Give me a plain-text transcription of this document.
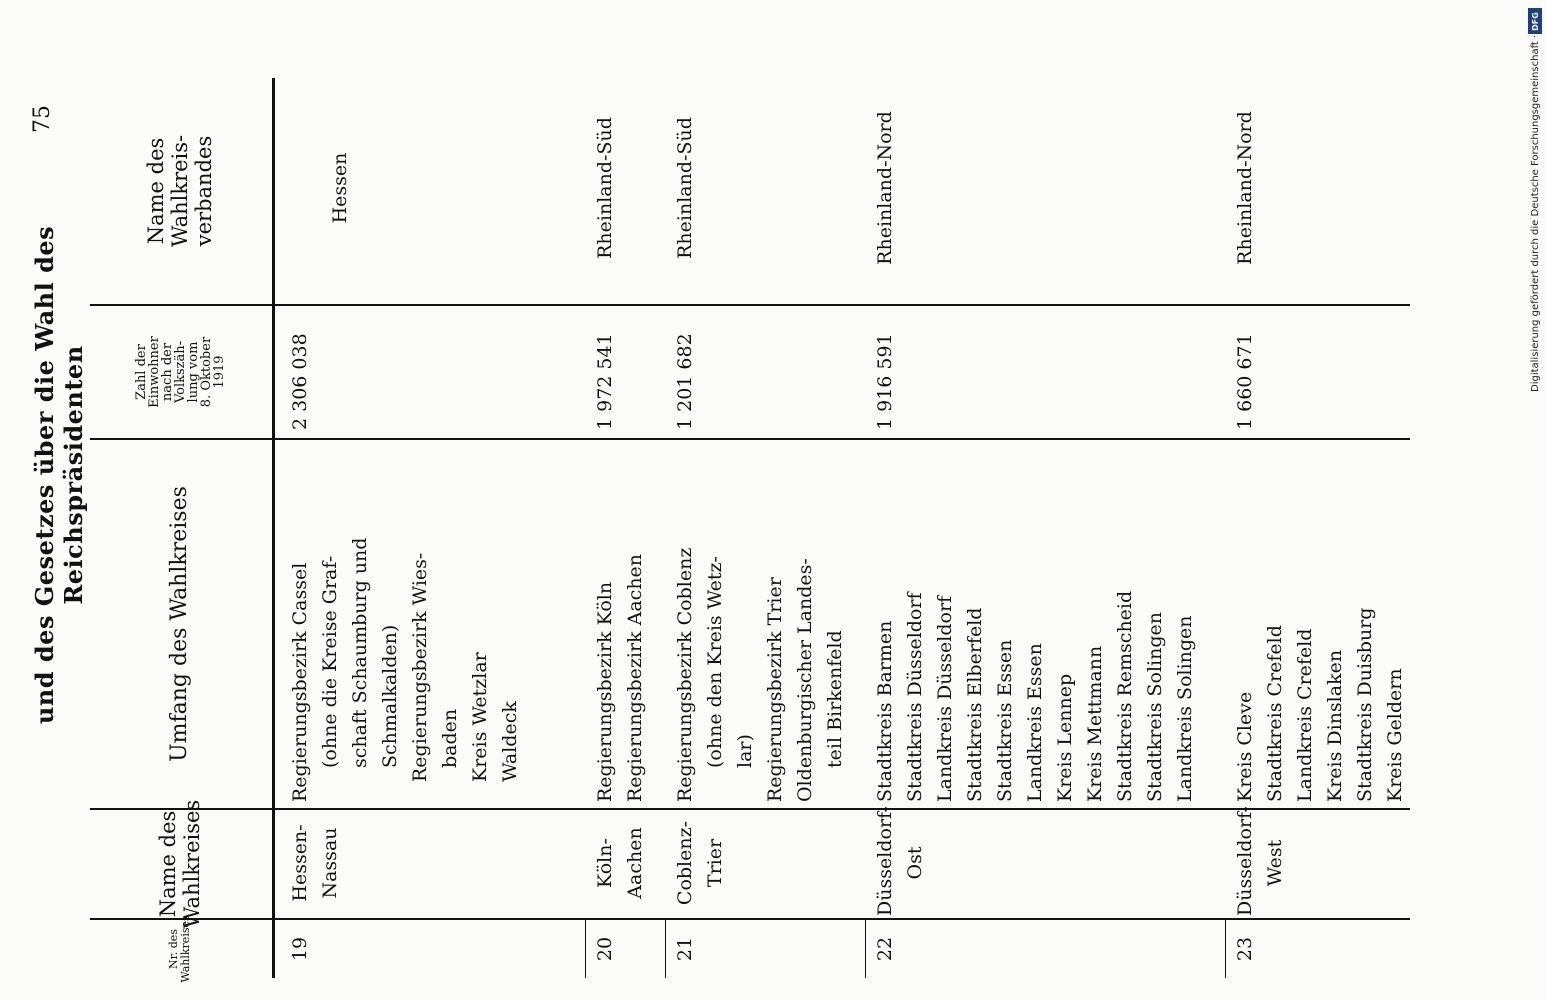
und des Gesetzes über die Wahl des Reichspräsidenten
75
Nr. des
Wahlkreises
Name des Wahlkreises
Umfang des Wahlkreises
Zahl der
Einwohner
nach der
Volkszäh-
lung vom
8. Oktober
1919
Name des Wahlkreis- verbandes
19
Hessen- Nassau
Regierungsbezirk Cassel (ohne die Kreise Graf- schaft Schaumburg und Schmalkalden) Regierungsbezirk Wies- baden Kreis Wetzlar Waldeck
2 306 038
Hessen
20
Köln-Aachen
Regierungsbezirk Köln Regierungsbezirk Aachen
1 972 541
Rheinland-Süd
21
Coblenz- Trier
Regierungsbezirk Coblenz (ohne den Kreis Wetz- lar) Regierungsbezirk Trier Oldenburgischer Landes- teil Birkenfeld
1 201 682
Rheinland-Süd
22
Düsseldorf- Ost
Stadtkreis Barmen Stadtkreis Düsseldorf Landkreis Düsseldorf Stadtkreis Elberfeld Stadtkreis Essen Landkreis Essen Kreis Lennep Kreis Mettmann Stadtkreis Remscheid Stadtkreis Solingen Landkreis Solingen
1 916 591
Rheinland-Nord
23
Düsseldorf- West
Kreis Cleve Stadtkreis Crefeld Landkreis Crefeld Kreis Dinslaken Stadtkreis Duisburg Kreis Geldern
1 660 671
Rheinland-Nord
DFG
Digitalisierung gefördert durch die Deutsche Forschungsgemeinschaft ·
